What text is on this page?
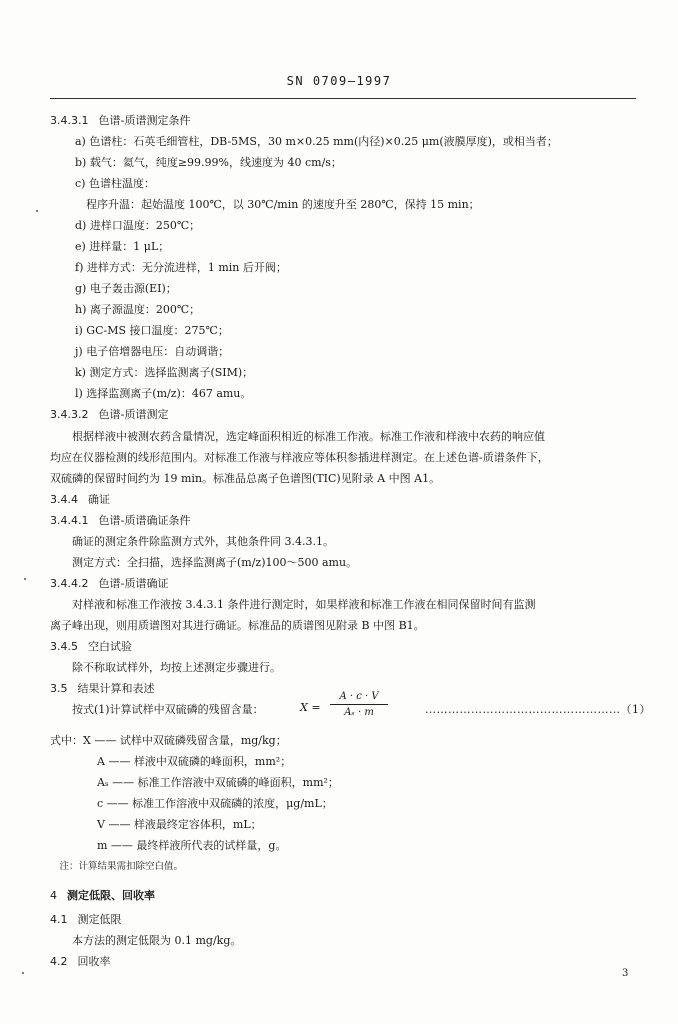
SN 0709—1997
3.4.3.1 色谱-质谱测定条件
a) 色谱柱：石英毛细管柱，DB-5MS，30 m×0.25 mm(内径)×0.25 μm(液膜厚度)，或相当者；
b) 载气：氦气，纯度≥99.99%，线速度为 40 cm/s；
c) 色谱柱温度：
程序升温：起始温度 100℃，以 30℃/min 的速度升至 280℃，保持 15 min；
d) 进样口温度：250℃；
e) 进样量：1 μL；
f) 进样方式：无分流进样，1 min 后开阀；
g) 电子轰击源(EI)；
h) 离子源温度：200℃；
i) GC-MS 接口温度：275℃；
j) 电子倍增器电压：自动调谐；
k) 测定方式：选择监测离子(SIM)；
l) 选择监测离子(m/z)：467 amu。
3.4.3.2 色谱-质谱测定
　　根据样液中被测农药含量情况，选定峰面积相近的标准工作液。标准工作液和样液中农药的响应值
均应在仪器检测的线形范围内。对标准工作液与样液应等体积参插进样测定。在上述色谱-质谱条件下，
双硫磷的保留时间约为 19 min。标准品总离子色谱图(TIC)见附录 A 中图 A1。
3.4.4 确证
3.4.4.1 色谱-质谱确证条件
　　确证的测定条件除监测方式外，其他条件同 3.4.3.1。
　　测定方式：全扫描，选择监测离子(m/z)100～500 amu。
3.4.4.2 色谱-质谱确证
　　对样液和标准工作液按 3.4.3.1 条件进行测定时，如果样液和标准工作液在相同保留时间有监测
离子峰出现，则用质谱图对其进行确证。标准品的质谱图见附录 B 中图 B1。
3.4.5 空白试验
　　除不称取试样外，均按上述测定步骤进行。
3.5 结果计算和表述
　　按式(1)计算试样中双硫磷的残留含量：
式中：X —— 试样中双硫磷残留含量，mg/kg；
　A —— 样液中双硫磷的峰面积，mm²；
　Aₛ —— 标准工作溶液中双硫磷的峰面积，mm²；
　c —— 标准工作溶液中双硫磷的浓度，μg/mL；
　V —— 样液最终定容体积，mL；
　m —— 最终样液所代表的试样量，g。
　注：计算结果需扣除空白值。
4 测定低限、回收率
4.1 测定低限
　　本方法的测定低限为 0.1 mg/kg。
4.2 回收率
X =
A · c · V
Aₛ · m	……………………………………………（1）
3
